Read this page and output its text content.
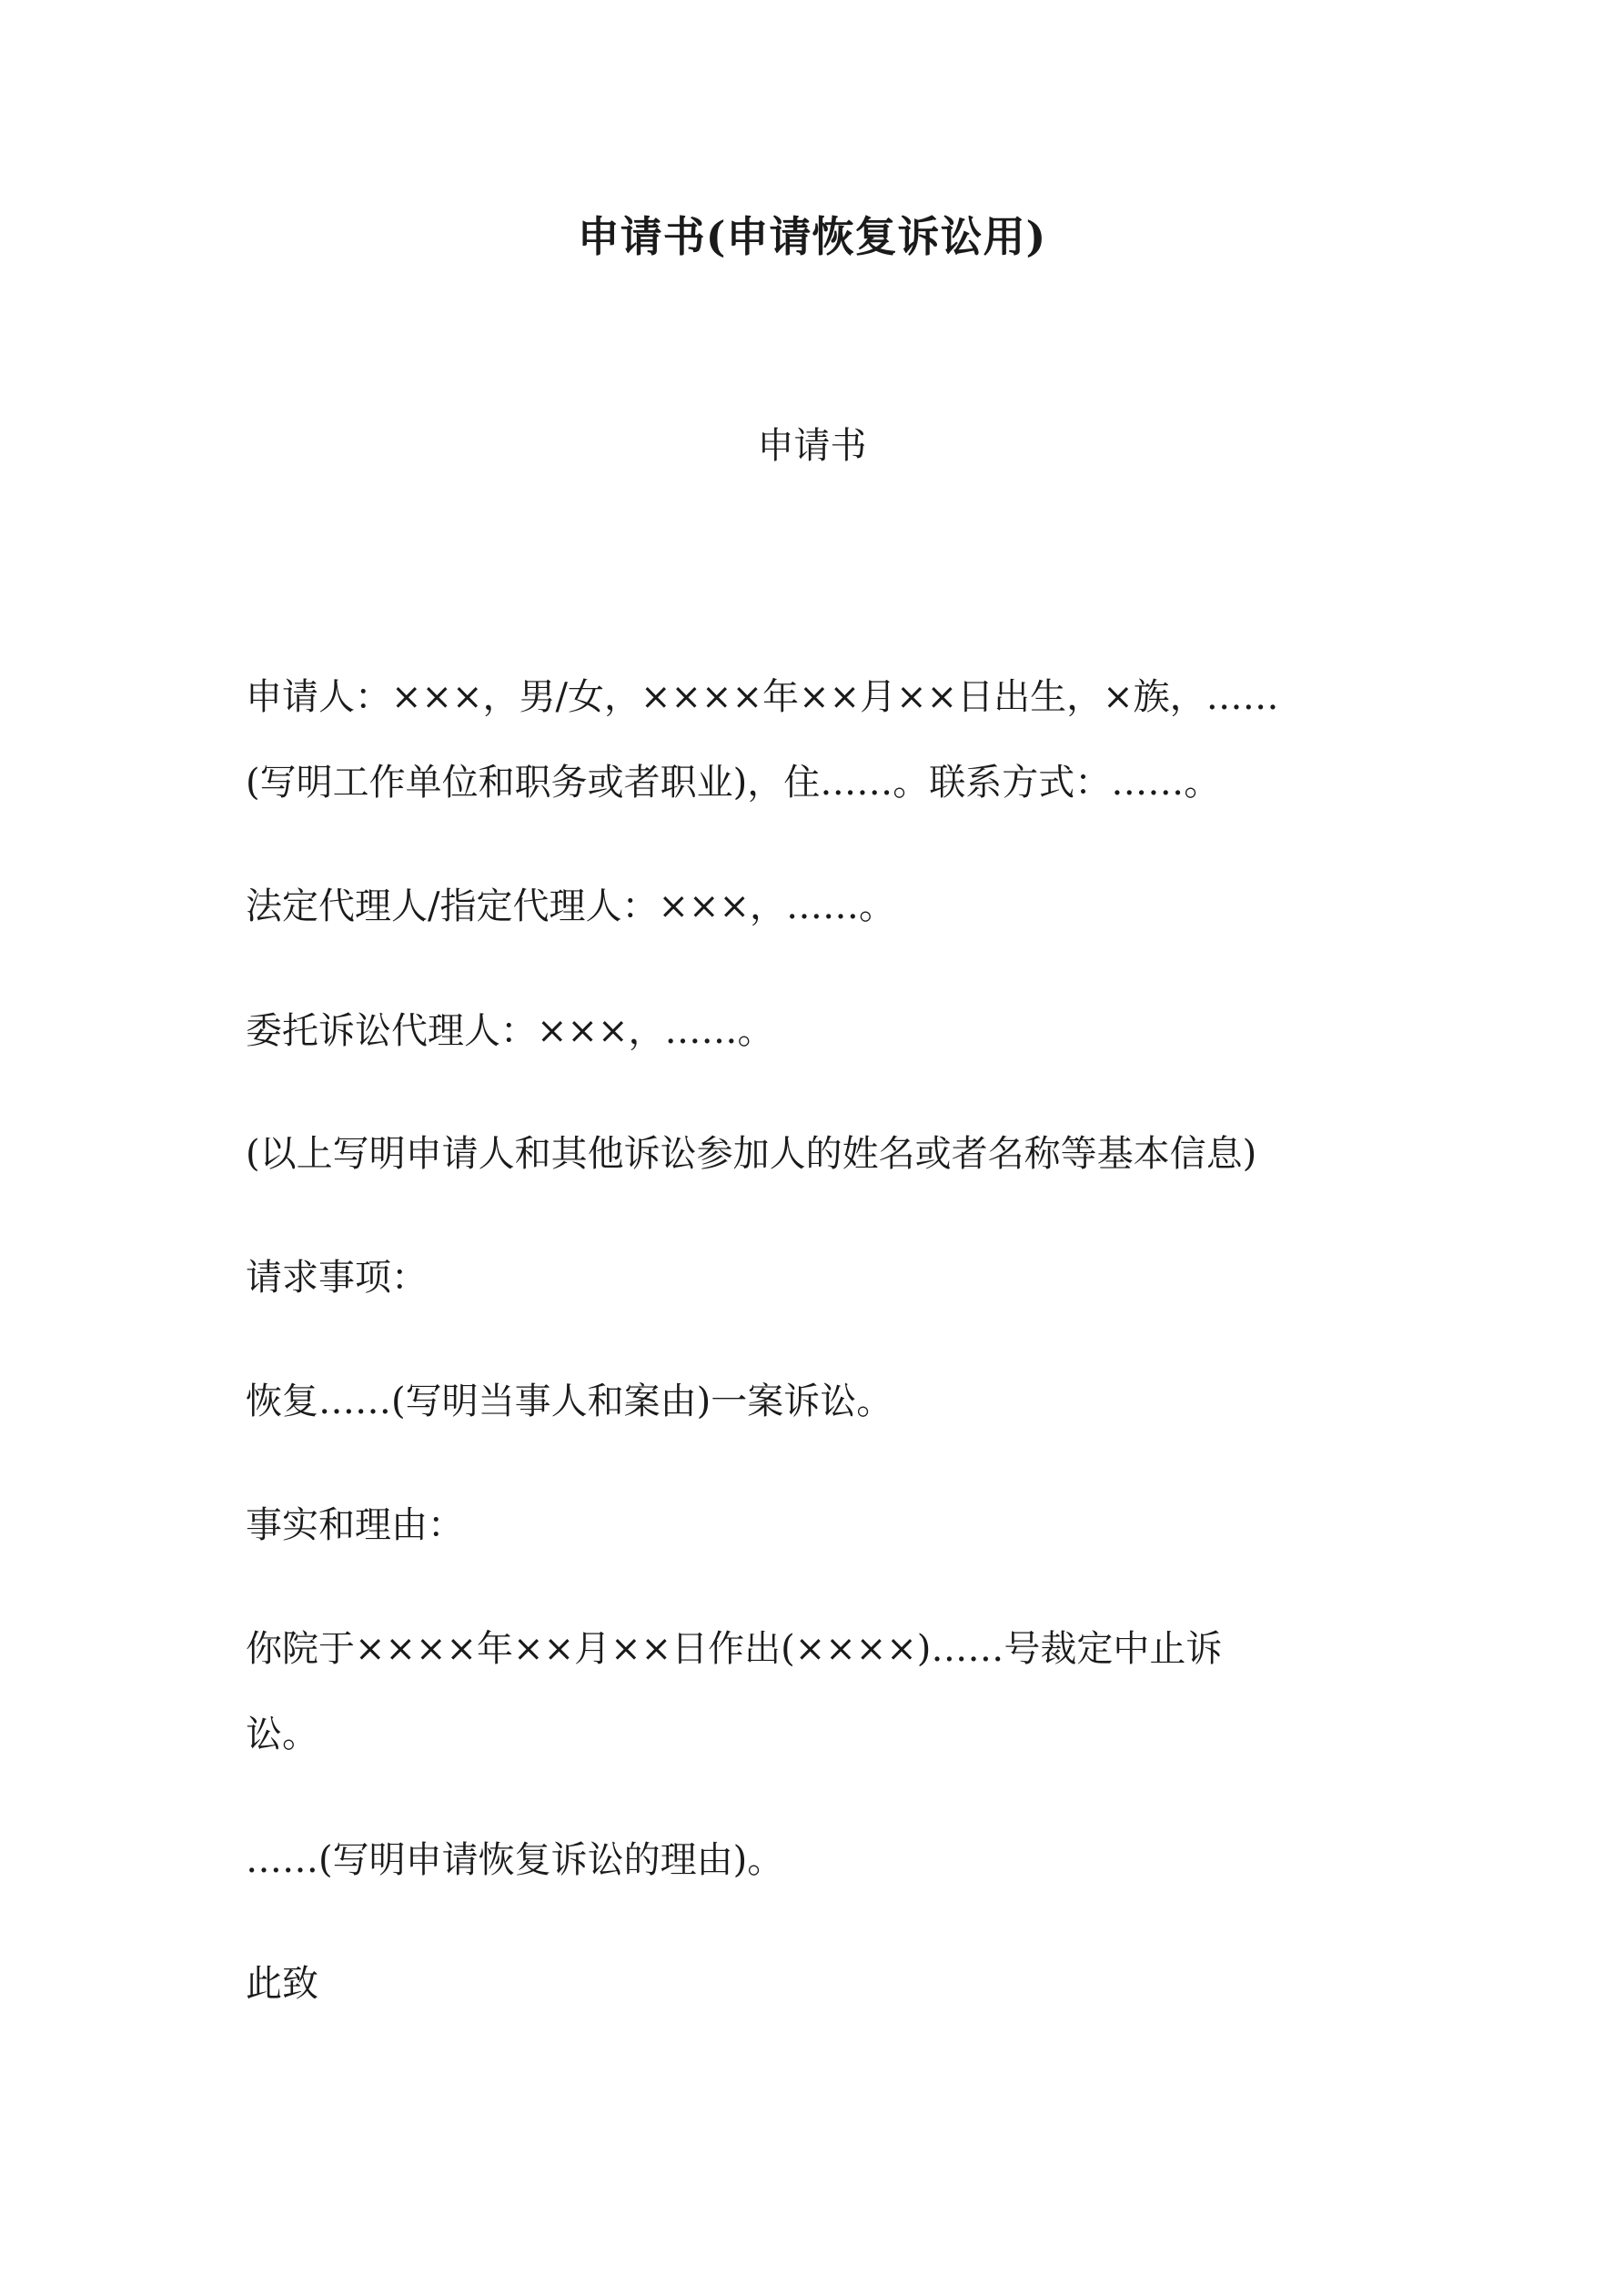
申请书(申请恢复诉讼用)
申请书
申请人：×××，男/女，××××年××月××日出生，×族，……
(写明工作单位和职务或者职业)，住……。联系方式：……。
法定代理人/指定代理人：×××，……。
委托诉讼代理人：×××，……。
(以上写明申请人和其他诉讼参加人的姓名或者名称等基本信息)
请求事项：
恢复……(写明当事人和案由)一案诉讼。
事实和理由：
你院于××××年××月××日作出(××××)……号裁定中止诉
讼。
……(写明申请恢复诉讼的理由)。
此致
